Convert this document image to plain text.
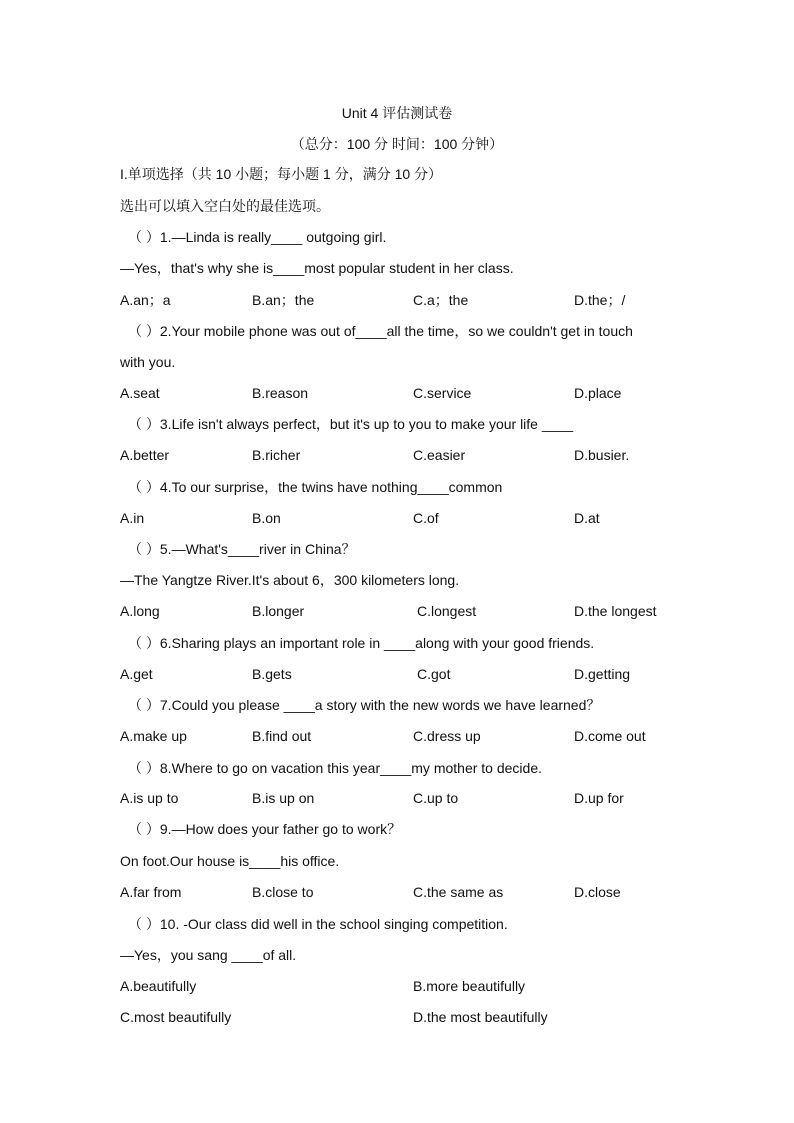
Unit 4 评估测试卷
（总分：100 分 时间：100 分钟）
I.单项选择（共 10 小题；每小题 1 分，满分 10 分）
选出可以填入空白处的最佳选项。
（ ）1.—Linda is really____ outgoing girl.
—Yes，that's why she is____most popular student in her class.
A.an；a	B.an；the	C.a；the	D.the；/
（ ）2.Your mobile phone was out of____all the time，so we couldn't get in touch
with you.
A.seat	B.reason	C.service	D.place
（ ）3.Life isn't always perfect，but it's up to you to make your life ____
A.better	B.richer	C.easier	D.busier.
（ ）4.To our surprise，the twins have nothing____common
A.in	B.on	C.of	D.at
（ ）5.—What's____river in China？
—The Yangtze River.It's about 6，300 kilometers long.
A.long	B.longer	C.longest	D.the longest
（ ）6.Sharing plays an important role in ____along with your good friends.
A.get	B.gets	C.got	D.getting
（ ）7.Could you please ____a story with the new words we have learned？
A.make up	B.find out	C.dress up	D.come out
（ ）8.Where to go on vacation this year____my mother to decide.
A.is up to	B.is up on	C.up to	D.up for
（ ）9.—How does your father go to work？
On foot.Our house is____his office.
A.far from	B.close to	C.the same as	D.close
（ ）10. -Our class did well in the school singing competition.
—Yes，you sang ____of all.
A.beautifully	B.more beautifully
C.most beautifully	D.the most beautifully
